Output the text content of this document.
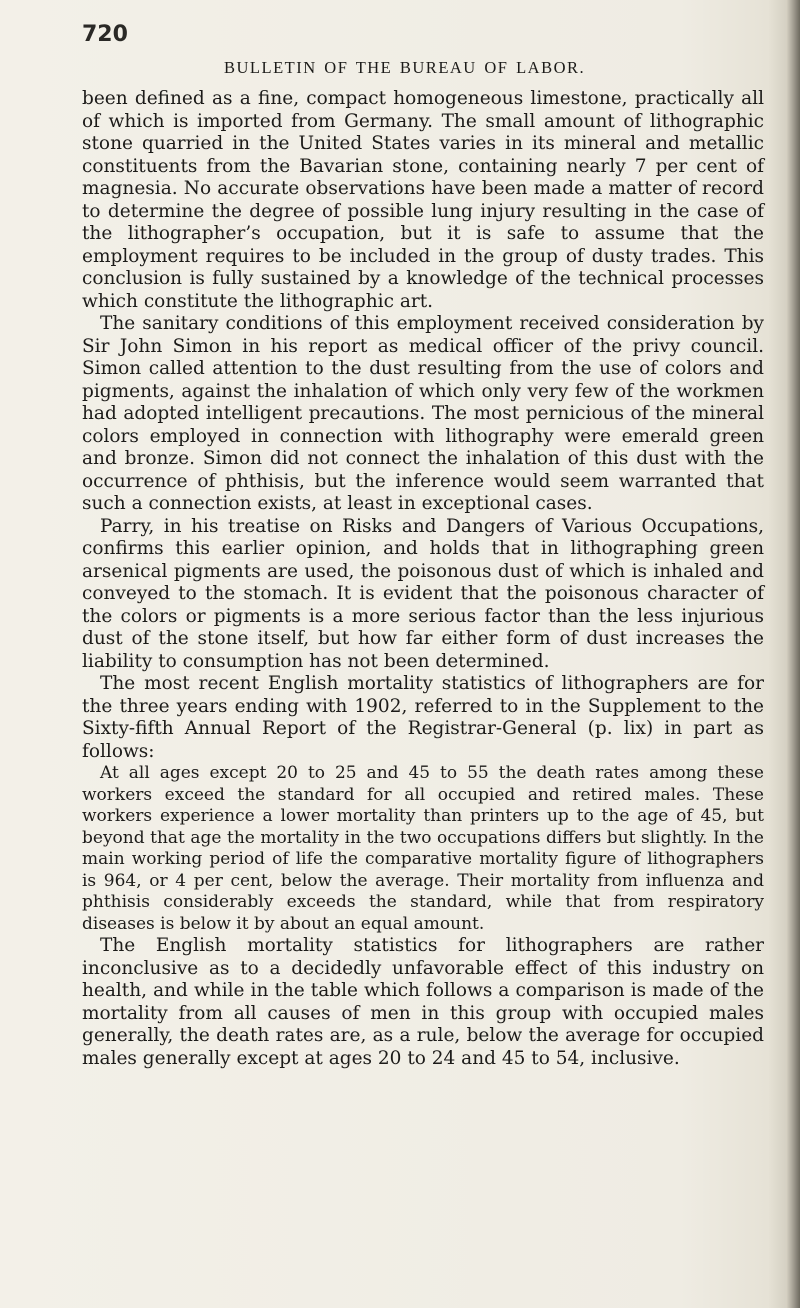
720
BULLETIN OF THE BUREAU OF LABOR.

been defined as a fine, compact homogeneous limestone, practically all of which is imported from Germany. The small amount of lithographic stone quarried in the United States varies in its mineral and metallic constituents from the Bavarian stone, containing nearly 7 per cent of magnesia. No accurate observations have been made a matter of record to determine the degree of possible lung injury resulting in the case of the lithographer’s occupation, but it is safe to assume that the employment requires to be included in the group of dusty trades. This conclusion is fully sustained by a knowledge of the technical processes which constitute the lithographic art.

The sanitary conditions of this employment received consideration by Sir John Simon in his report as medical officer of the privy council. Simon called attention to the dust resulting from the use of colors and pigments, against the inhalation of which only very few of the workmen had adopted intelligent precautions. The most pernicious of the mineral colors employed in connection with lithography were emerald green and bronze. Simon did not connect the inhalation of this dust with the occurrence of phthisis, but the inference would seem warranted that such a connection exists, at least in exceptional cases.

Parry, in his treatise on Risks and Dangers of Various Occupations, confirms this earlier opinion, and holds that in lithographing green arsenical pigments are used, the poisonous dust of which is inhaled and conveyed to the stomach. It is evident that the poisonous character of the colors or pigments is a more serious factor than the less injurious dust of the stone itself, but how far either form of dust increases the liability to consumption has not been determined.

The most recent English mortality statistics of lithographers are for the three years ending with 1902, referred to in the Supplement to the Sixty-fifth Annual Report of the Registrar-General (p. lix) in part as follows:

At all ages except 20 to 25 and 45 to 55 the death rates among these workers exceed the standard for all occupied and retired males. These workers experience a lower mortality than printers up to the age of 45, but beyond that age the mortality in the two occupations differs but slightly. In the main working period of life the comparative mortality figure of lithographers is 964, or 4 per cent, below the average. Their mortality from influenza and phthisis considerably exceeds the standard, while that from respiratory diseases is below it by about an equal amount.

The English mortality statistics for lithographers are rather inconclusive as to a decidedly unfavorable effect of this industry on health, and while in the table which follows a comparison is made of the mortality from all causes of men in this group with occupied males generally, the death rates are, as a rule, below the average for occupied males generally except at ages 20 to 24 and 45 to 54, inclusive.
